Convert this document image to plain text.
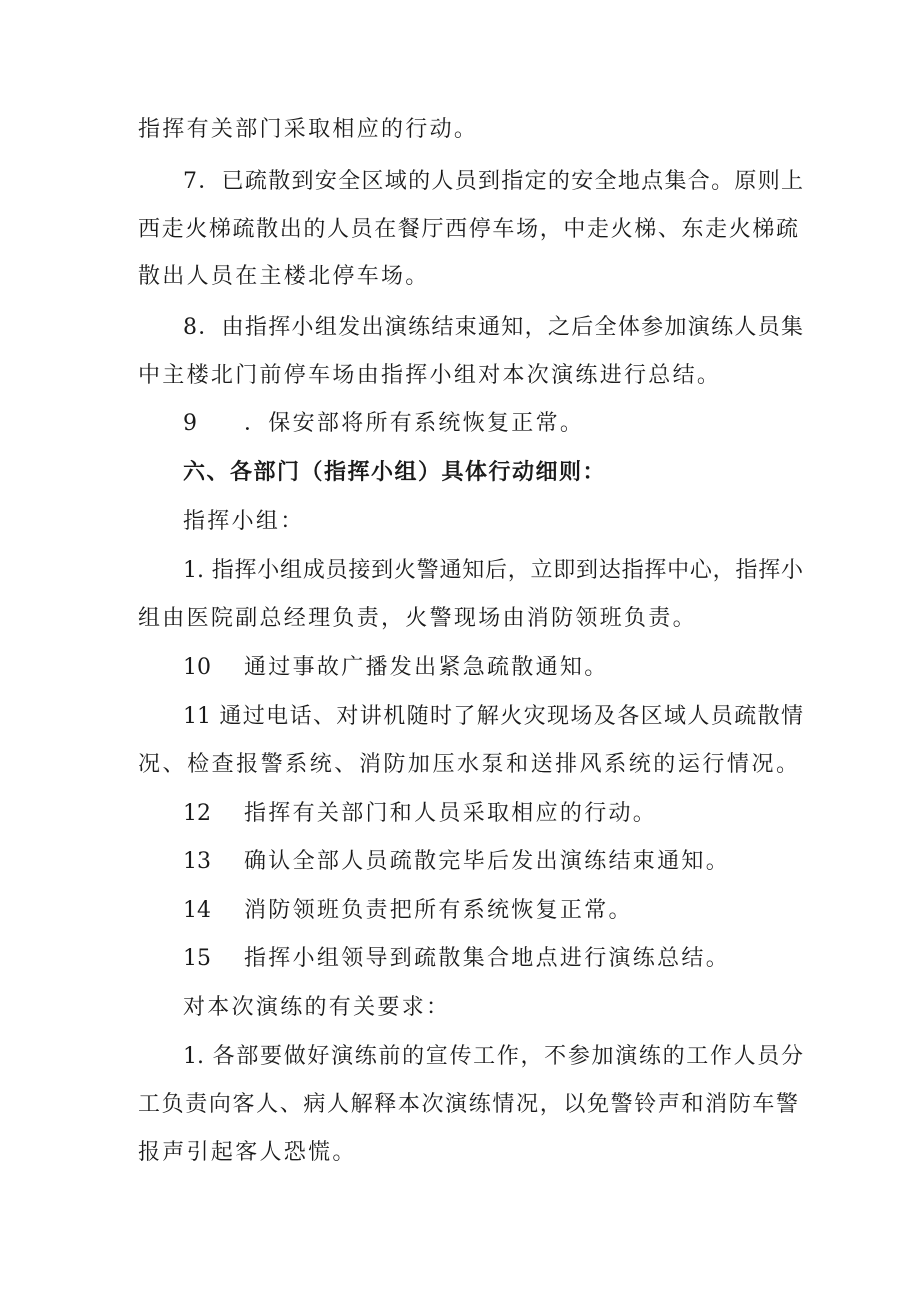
指挥有关部门采取相应的行动。
7．已疏散到安全区域的人员到指定的安全地点集合。原则上
西走火梯疏散出的人员在餐厅西停车场，中走火梯、东走火梯疏
散出人员在主楼北停车场。
8．由指挥小组发出演练结束通知，之后全体参加演练人员集
中主楼北门前停车场由指挥小组对本次演练进行总结。
9 ．保安部将所有系统恢复正常。
六、各部门（指挥小组）具体行动细则：
指挥小组：
1. 指挥小组成员接到火警通知后，立即到达指挥中心，指挥小
组由医院副总经理负责，火警现场由消防领班负责。
10 通过事故广播发出紧急疏散通知。
11 通过电话、对讲机随时了解火灾现场及各区域人员疏散情
况、检查报警系统、消防加压水泵和送排风系统的运行情况。
12 指挥有关部门和人员采取相应的行动。
13 确认全部人员疏散完毕后发出演练结束通知。
14 消防领班负责把所有系统恢复正常。
15 指挥小组领导到疏散集合地点进行演练总结。
对本次演练的有关要求：
1. 各部要做好演练前的宣传工作，不参加演练的工作人员分
工负责向客人、病人解释本次演练情况，以免警铃声和消防车警
报声引起客人恐慌。
